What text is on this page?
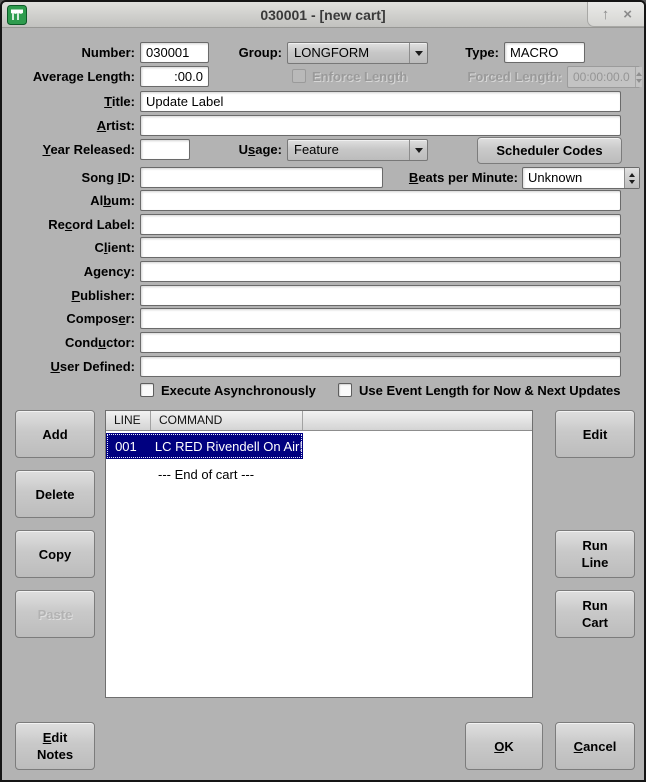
030001 - [new cart]	↑ ×
Number:
030001	Group: LONGFORM	Type:
MACRO
Average Length:
:00.0	Enforce Length	Forced Length: 00:00:00.0
Title:
Update Label
Artist:
Year Released:	Usage: Feature	Scheduler Codes
Song ID:	Beats per Minute: Unknown
Album:
Record Label:
Client:
Agency:
Publisher:
Composer:
Conductor:
User Defined:
Execute Asynchronously	Use Event Length for Now & Next Updates
LINE	COMMAND
001	LC RED Rivendell On Air!
--- End of cart ---
Add
Delete
Copy
Paste
Edit
Run
Line
Run
Cart
Edit
Notes
OK	Cancel
